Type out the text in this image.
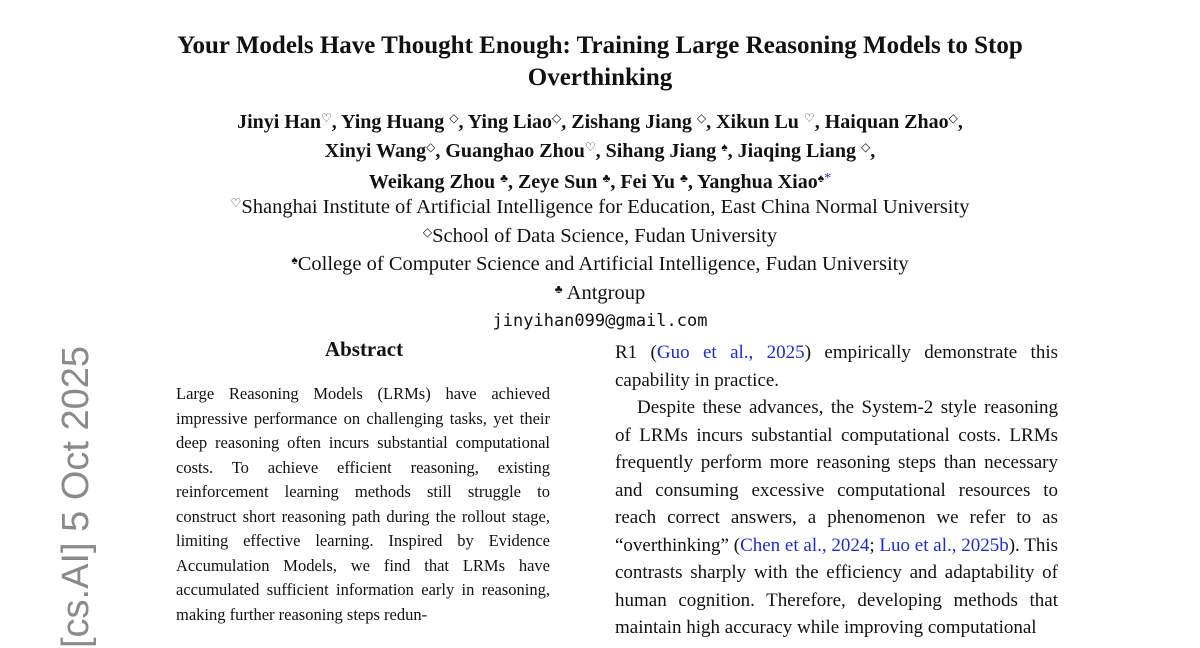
Your Models Have Thought Enough: Training Large Reasoning Models to Stop Overthinking
Jinyi Han♡, Ying Huang ◇, Ying Liao◇, Zishang Jiang ◇, Xikun Lu ♡, Haiquan Zhao◇,
Xinyi Wang◇, Guanghao Zhou♡, Sihang Jiang ♠, Jiaqing Liang ◇,
Weikang Zhou ♣, Zeye Sun ♣, Fei Yu ♣, Yanghua Xiao♠*
♡Shanghai Institute of Artificial Intelligence for Education, East China Normal University
◇School of Data Science, Fudan University
♠College of Computer Science and Artificial Intelligence, Fudan University
♣ Antgroup
jinyihan099@gmail.com
Abstract
Large Reasoning Models (LRMs) have achieved impressive performance on challenging tasks, yet their deep reasoning often incurs substantial computational costs. To achieve efficient reasoning, existing reinforcement learning methods still struggle to construct short reasoning path during the rollout stage, limiting effective learning. Inspired by Evidence Accumulation Models, we find that LRMs have accumulated sufficient information early in reasoning, making further reasoning steps redun-

R1 (Guo et al., 2025) empirically demonstrate this capability in practice.

Despite these advances, the System-2 style reasoning of LRMs incurs substantial computational costs. LRMs frequently perform more reasoning steps than necessary and consuming excessive computational resources to reach correct answers, a phenomenon we refer to as “overthinking” (Chen et al., 2024; Luo et al., 2025b). This contrasts sharply with the efficiency and adaptability of human cognition. Therefore, developing methods that maintain high accuracy while improving computational

[cs.AI] 5 Oct 2025
